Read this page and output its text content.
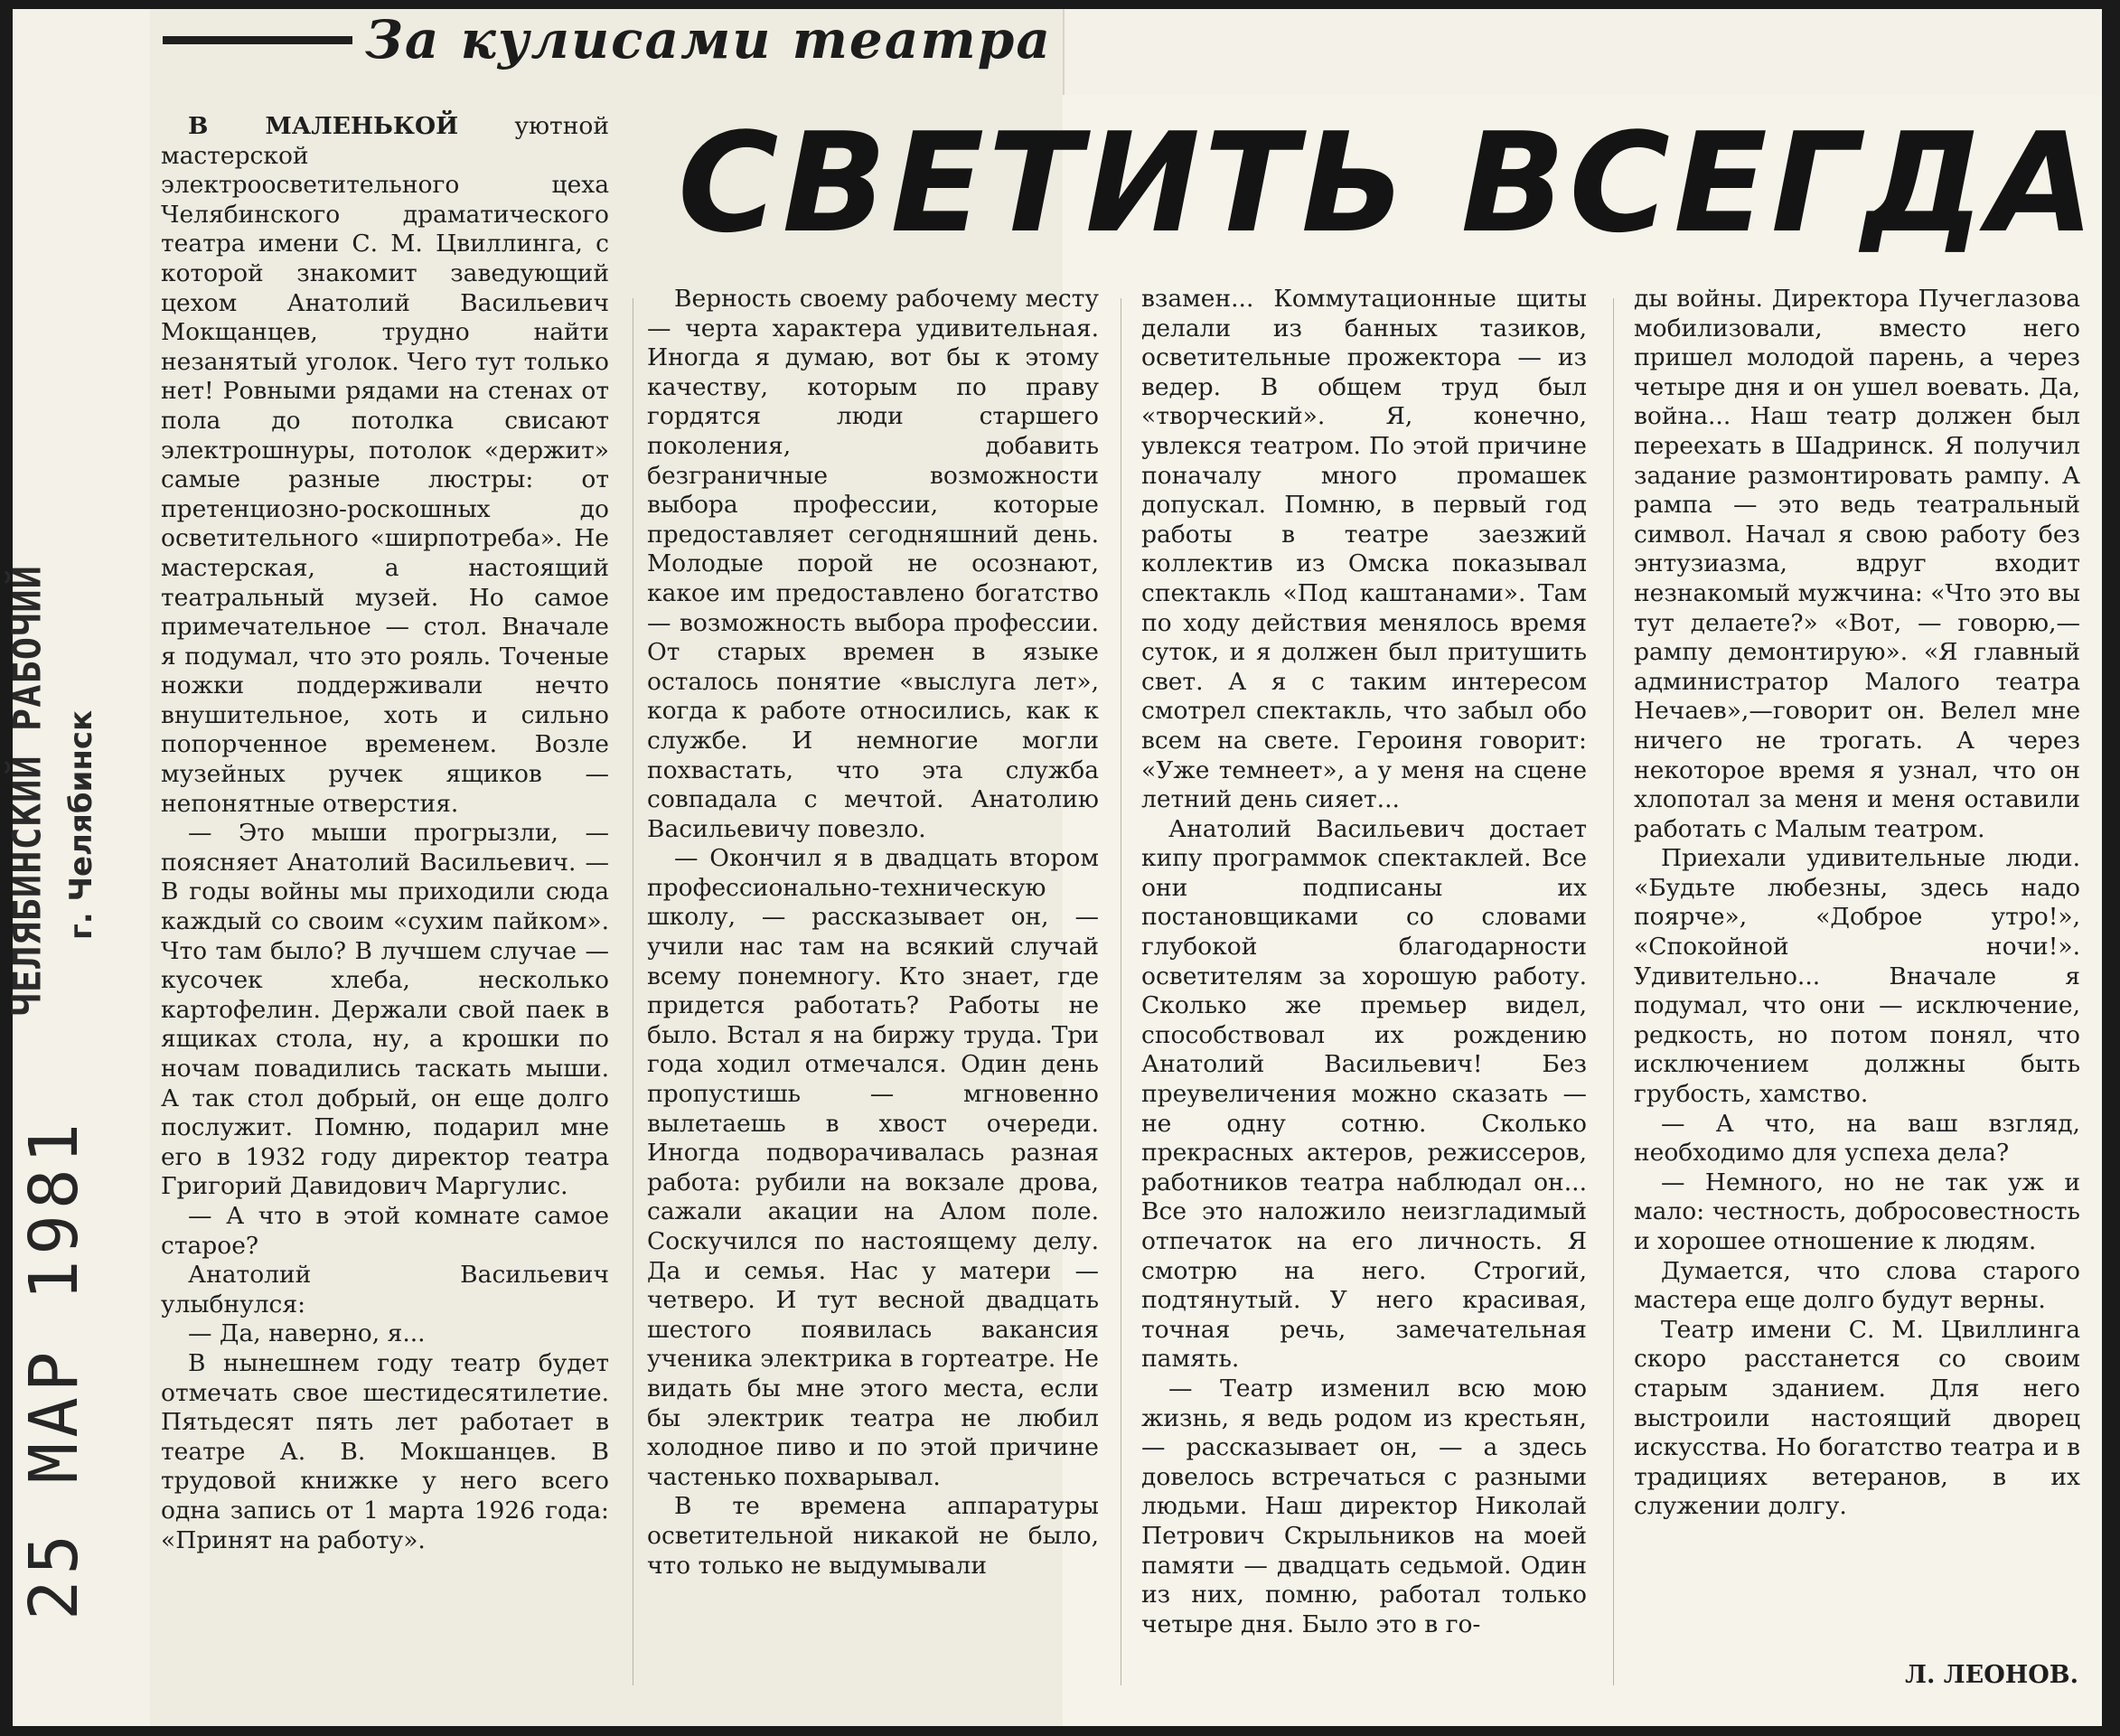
ЧЕЛЯБИНСКИЙ РАБОЧИЙ г. Челябинск
25 МАР 1981
За кулисами театра
СВЕТИТЬ ВСЕГДА

В МАЛЕНЬКОЙ уютной мастерской электроосветительного цеха Челябинского драматического театра имени С. М. Цвиллинга, с которой знакомит заведующий цехом Анатолий Васильевич Мокщанцев, трудно найти незанятый уголок. Чего тут только нет! Ровными рядами на стенах от пола до потолка свисают электрошнуры, потолок «держит» самые разные люстры: от претенциозно-роскошных до осветительного «ширпотреба». Не мастерская, а настоящий театральный музей. Но самое примечательное — стол. Вначале я подумал, что это рояль. Точеные ножки поддерживали нечто внушительное, хоть и сильно попорченное временем. Возле музейных ручек ящиков — непонятные отверстия.

— Это мыши прогрызли, — поясняет Анатолий Васильевич. — В годы войны мы приходили сюда каждый со своим «сухим пайком». Что там было? В лучшем случае — кусочек хлеба, несколько картофелин. Держали свой паек в ящиках стола, ну, а крошки по ночам повадились таскать мыши. А так стол добрый, он еще долго послужит. Помню, подарил мне его в 1932 году директор театра Григорий Давидович Маргулис.

— А что в этой комнате самое старое?

Анатолий Васильевич улыбнулся:

— Да, наверно, я...

В нынешнем году театр будет отмечать свое шестидесятилетие. Пятьдесят пять лет работает в театре А. В. Мокшанцев. В трудовой книжке у него всего одна запись от 1 марта 1926 года: «Принят на работу».

Верность своему рабочему месту — черта характера удивительная. Иногда я думаю, вот бы к этому качеству, которым по праву гордятся люди старшего поколения, добавить безграничные возможности выбора профессии, которые предоставляет сегодняшний день. Молодые порой не осознают, какое им предоставлено богатство — возможность выбора профессии. От старых времен в языке осталось понятие «выслуга лет», когда к работе относились, как к службе. И немногие могли похвастать, что эта служба совпадала с мечтой. Анатолию Васильевичу повезло.

— Окончил я в двадцать втором профессионально-техническую школу, — рассказывает он, — учили нас там на всякий случай всему понемногу. Кто знает, где придется работать? Работы не было. Встал я на биржу труда. Три года ходил отмечался. Один день пропустишь — мгновенно вылетаешь в хвост очереди. Иногда подворачивалась разная работа: рубили на вокзале дрова, сажали акации на Алом поле. Соскучился по настоящему делу. Да и семья. Нас у матери — четверо. И тут весной двадцать шестого появилась вакансия ученика электрика в гортеатре. Не видать бы мне этого места, если бы электрик театра не любил холодное пиво и по этой причине частенько похварывал.

В те времена аппаратуры осветительной никакой не было, что только не выдумывали

взамен... Коммутационные щиты делали из банных тазиков, осветительные прожектора — из ведер. В общем труд был «творческий». Я, конечно, увлекся театром. По этой причине поначалу много промашек допускал. Помню, в первый год работы в театре заезжий коллектив из Омска показывал спектакль «Под каштанами». Там по ходу действия менялось время суток, и я должен был притушить свет. А я с таким интересом смотрел спектакль, что забыл обо всем на свете. Героиня говорит: «Уже темнеет», а у меня на сцене летний день сияет...

Анатолий Васильевич достает кипу программок спектаклей. Все они подписаны их постановщиками со словами глубокой благодарности осветителям за хорошую работу. Сколько же премьер видел, способствовал их рождению Анатолий Васильевич! Без преувеличения можно сказать — не одну сотню. Сколько прекрасных актеров, режиссеров, работников театра наблюдал он... Все это наложило неизгладимый отпечаток на его личность. Я смотрю на него. Строгий, подтянутый. У него красивая, точная речь, замечательная память.

— Театр изменил всю мою жизнь, я ведь родом из крестьян, — рассказывает он, — а здесь довелось встречаться с разными людьми. Наш директор Николай Петрович Скрыльников на моей памяти — двадцать седьмой. Один из них, помню, работал только четыре дня. Было это в го-

ды войны. Директора Пучеглазова мобилизовали, вместо него пришел молодой парень, а через четыре дня и он ушел воевать. Да, война... Наш театр должен был переехать в Шадринск. Я получил задание размонтировать рампу. А рампа — это ведь театральный символ. Начал я свою работу без энтузиазма, вдруг входит незнакомый мужчина: «Что это вы тут делаете?» «Вот, — говорю,—рампу демонтирую». «Я главный администратор Малого театра Нечаев»,—говорит он. Велел мне ничего не трогать. А через некоторое время я узнал, что он хлопотал за меня и меня оставили работать с Малым театром.

Приехали удивительные люди. «Будьте любезны, здесь надо поярче», «Доброе утро!», «Спокойной ночи!». Удивительно... Вначале я подумал, что они — исключение, редкость, но потом понял, что исключением должны быть грубость, хамство.

— А что, на ваш взгляд, необходимо для успеха дела?

— Немного, но не так уж и мало: честность, добросовестность и хорошее отношение к людям.

Думается, что слова старого мастера еще долго будут верны.

Театр имени С. М. Цвиллинга скоро расстанется со своим старым зданием. Для него выстроили настоящий дворец искусства. Но богатство театра и в традициях ветеранов, в их служении долгу.

Л. ЛЕОНОВ.
